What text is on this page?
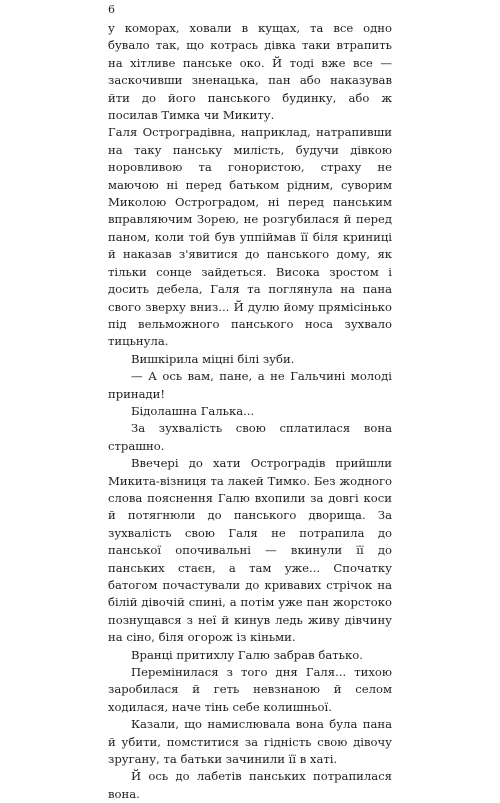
6

у коморах, ховали в кущах, та все одно бувало так, що котрась дівка таки втрапить на хітливе панське око. Й тоді вже все — заскочивши зненацька, пан або наказував йти до його панського будинку, або ж посилав Тимка чи Микиту.

Галя Остроградівна, наприклад, натрапивши на таку панську милість, будучи дівкою норовливою та гоноpистою, страху не маючою ні перед батьком рідним, суворим Миколою Остроградом, ні перед панським вправляючим Зорею, не розгубилася й перед паном, коли той був уппіймав її біля криниці й наказав з'явитися до панського дому, як тільки сонце зайдеться. Висока зростом і досить дебела, Галя та поглянула на пана свого зверху вниз... Й дулю йому прямісінько під вельможного панського носа зухвало тицьнула.

Вишкірила міцні білі зуби.

— А ось вам, пане, а не Гальчині молоді принади!

Бідолашна Галька...

За зухвалість свою сплатилася вона страшно.

Ввечері до хати Остроградів прийшли Микита-візниця та лакей Тимко. Без жодного слова пояснення Галю вхопили за довгі коси й потягнюли до панського дворища. За зухвалість свою Галя не потрапила до панської опочивальні — вкинули її до панських стаєн, а там уже... Спочатку батогом почастували до кривавих стрічок на білій дівочій спині, а потім уже пан жорстоко познущався з неї й кинув ледь живу дівчину на сіно, біля огорож із кіньми.

Вранці притихлу Галю забрав батько.

Перемінилася з того дня Галя... тихою заробилася й геть невзнаною й селом ходилася, наче тінь себе колишньої.

Казали, що намислювала вона була пана й убити, помститися за гідність свою дівочу зругану, та батьки зачинили її в хаті.

Й ось до лабетів панських потрапилася вона.
